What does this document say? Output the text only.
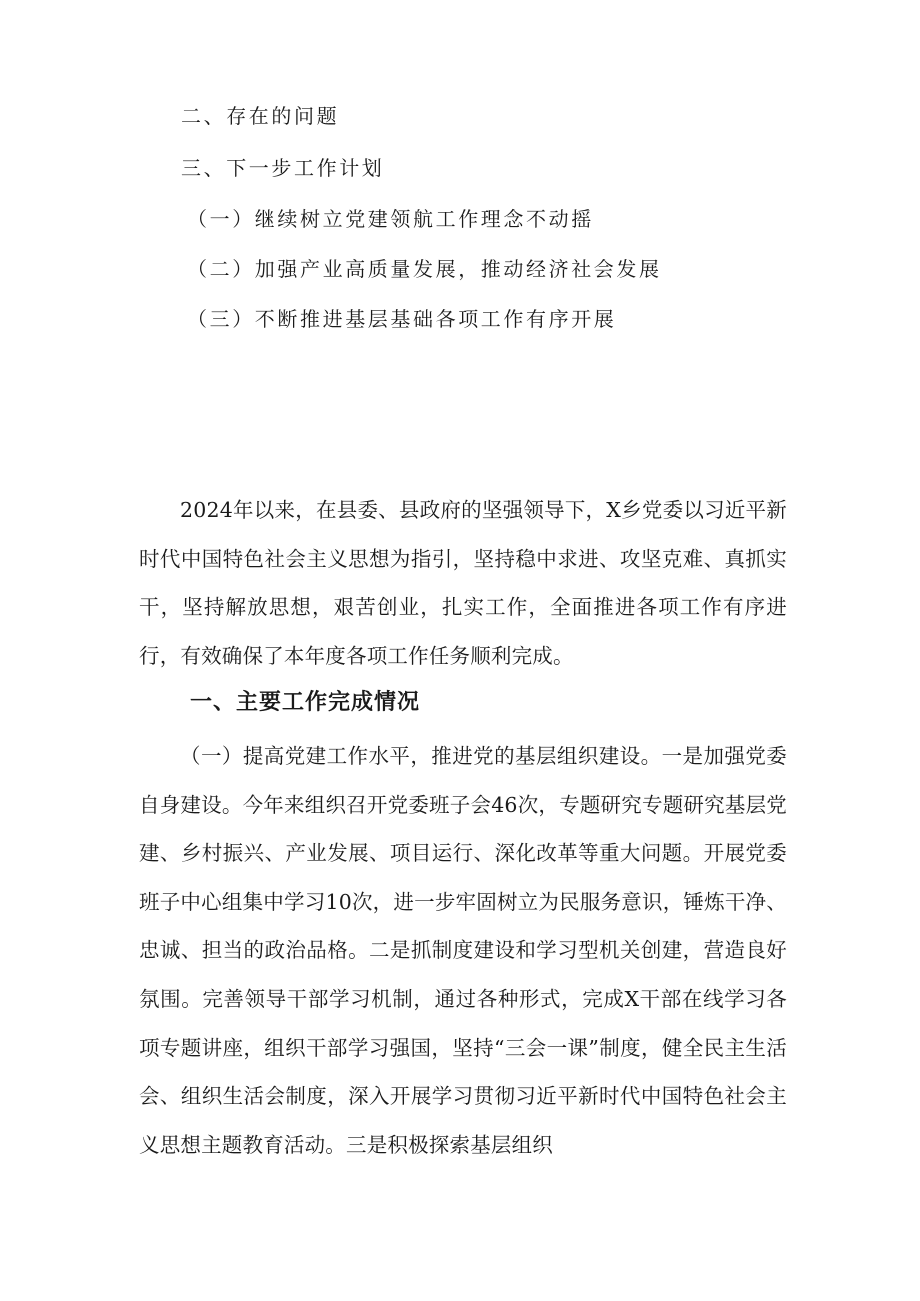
二、存在的问题
三、下一步工作计划
（一）继续树立党建领航工作理念不动摇
（二）加强产业高质量发展，推动经济社会发展
（三）不断推进基层基础各项工作有序开展

2024年以来，在县委、县政府的坚强领导下，X乡党委以习近平新时代中国特色社会主义思想为指引，坚持稳中求进、攻坚克难、真抓实干，坚持解放思想，艰苦创业，扎实工作，全面推进各项工作有序进行，有效确保了本年度各项工作任务顺利完成。

一、主要工作完成情况

（一）提高党建工作水平，推进党的基层组织建设。一是加强党委自身建设。今年来组织召开党委班子会46次，专题研究专题研究基层党建、乡村振兴、产业发展、项目运行、深化改革等重大问题。开展党委班子中心组集中学习10次，进一步牢固树立为民服务意识，锤炼干净、忠诚、担当的政治品格。二是抓制度建设和学习型机关创建，营造良好氛围。完善领导干部学习机制，通过各种形式，完成X干部在线学习各项专题讲座，组织干部学习强国，坚持“三会一课”制度，健全民主生活会、组织生活会制度，深入开展学习贯彻习近平新时代中国特色社会主义思想主题教育活动。三是积极探索基层组织
